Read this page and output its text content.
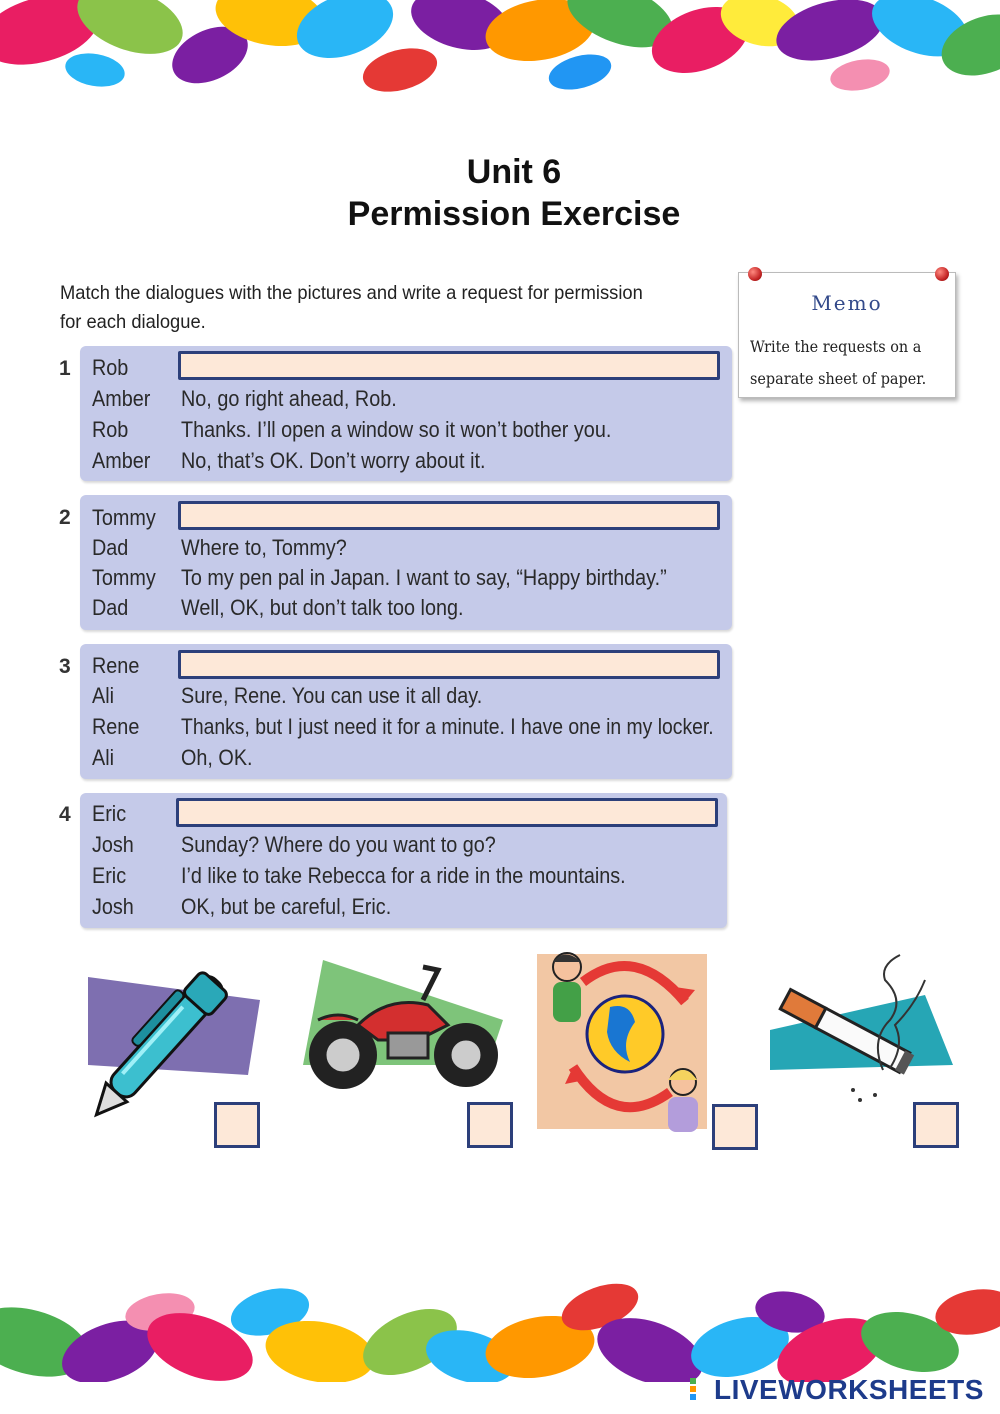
Unit 6
Permission Exercise
Match the dialogues with the pictures and write a request for permission for each dialogue.
Memo
Write the requests on a separate sheet of paper.
1 Rob
Amber No, go right ahead, Rob.
Rob Thanks. I’ll open a window so it won’t bother you.
Amber No, that’s OK. Don’t worry about it.
2 Tommy
Dad Where to, Tommy?
Tommy To my pen pal in Japan. I want to say, “Happy birthday.”
Dad Well, OK, but don’t talk too long.
3 Rene
Ali	Sure, Rene. You can use it all day.
Rene Thanks, but I just need it for a minute. I have one in my locker.
Ali	Oh, OK.
4 Eric
Josh Sunday? Where do you want to go?
Eric I’d like to take Rebecca for a ride in the mountains.
Josh OK, but be careful, Eric.
LIVEWORKSHEETS
